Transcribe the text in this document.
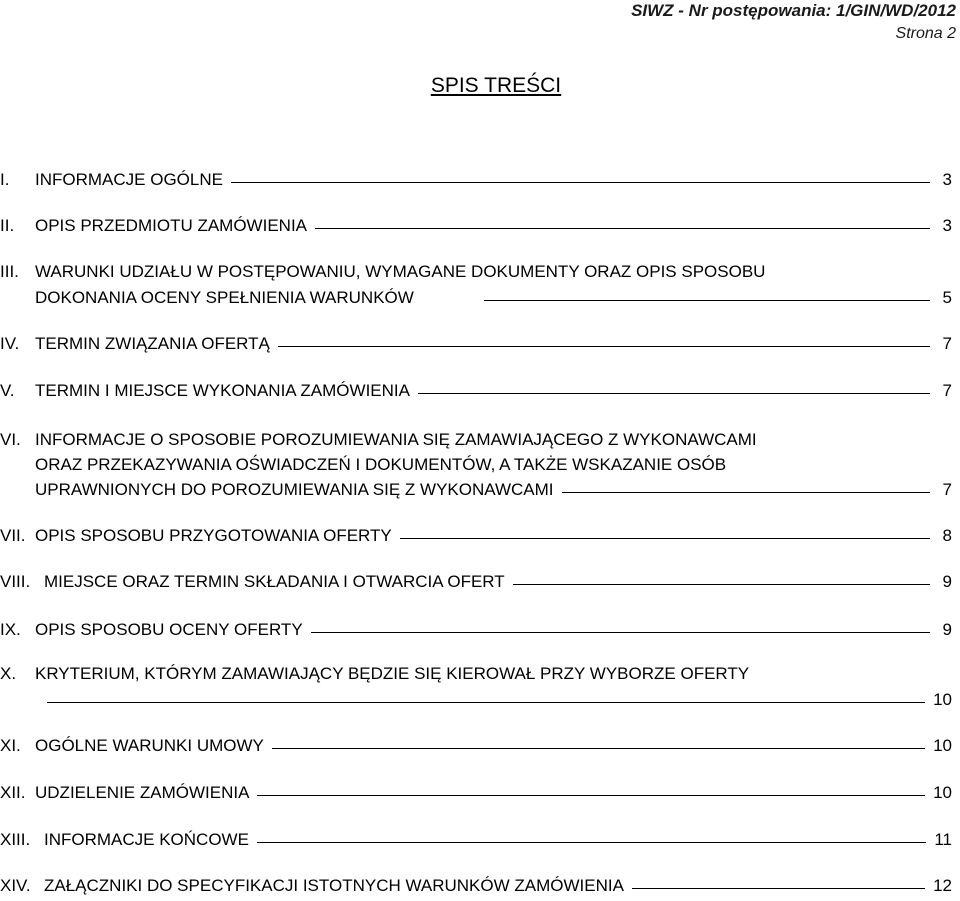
SIWZ - Nr postępowania: 1/GIN/WD/2012
Strona 2
SPIS TREŚCI
I.	INFORMACJE OGÓLNE	3
II.	OPIS PRZEDMIOTU ZAMÓWIENIA	3
III. WARUNKI UDZIAŁU W POSTĘPOWANIU, WYMAGANE DOKUMENTY ORAZ OPIS SPOSOBU
DOKONANIA OCENY SPEŁNIENIA WARUNKÓW	5
IV. TERMIN ZWIĄZANIA OFERTĄ	7
V.	TERMIN I MIEJSCE WYKONANIA ZAMÓWIENIA	7
VI. INFORMACJE O SPOSOBIE POROZUMIEWANIA SIĘ ZAMAWIAJĄCEGO Z WYKONAWCAMI
ORAZ PRZEKAZYWANIA OŚWIADCZEŃ I DOKUMENTÓW, A TAKŻE WSKAZANIE OSÓB
UPRAWNIONYCH DO POROZUMIEWANIA SIĘ Z WYKONAWCAMI	7
VII. OPIS SPOSOBU PRZYGOTOWANIA OFERTY	8
VIII. MIEJSCE ORAZ TERMIN SKŁADANIA I OTWARCIA OFERT	9
IX. OPIS SPOSOBU OCENY OFERTY	9
X.	KRYTERIUM, KTÓRYM ZAMAWIAJĄCY BĘDZIE SIĘ KIEROWAŁ PRZY WYBORZE OFERTY
10
XI. OGÓLNE WARUNKI UMOWY	10
XII. UDZIELENIE ZAMÓWIENIA	10
XIII. INFORMACJE KOŃCOWE	11
XIV. ZAŁĄCZNIKI DO SPECYFIKACJI ISTOTNYCH WARUNKÓW ZAMÓWIENIA	12
